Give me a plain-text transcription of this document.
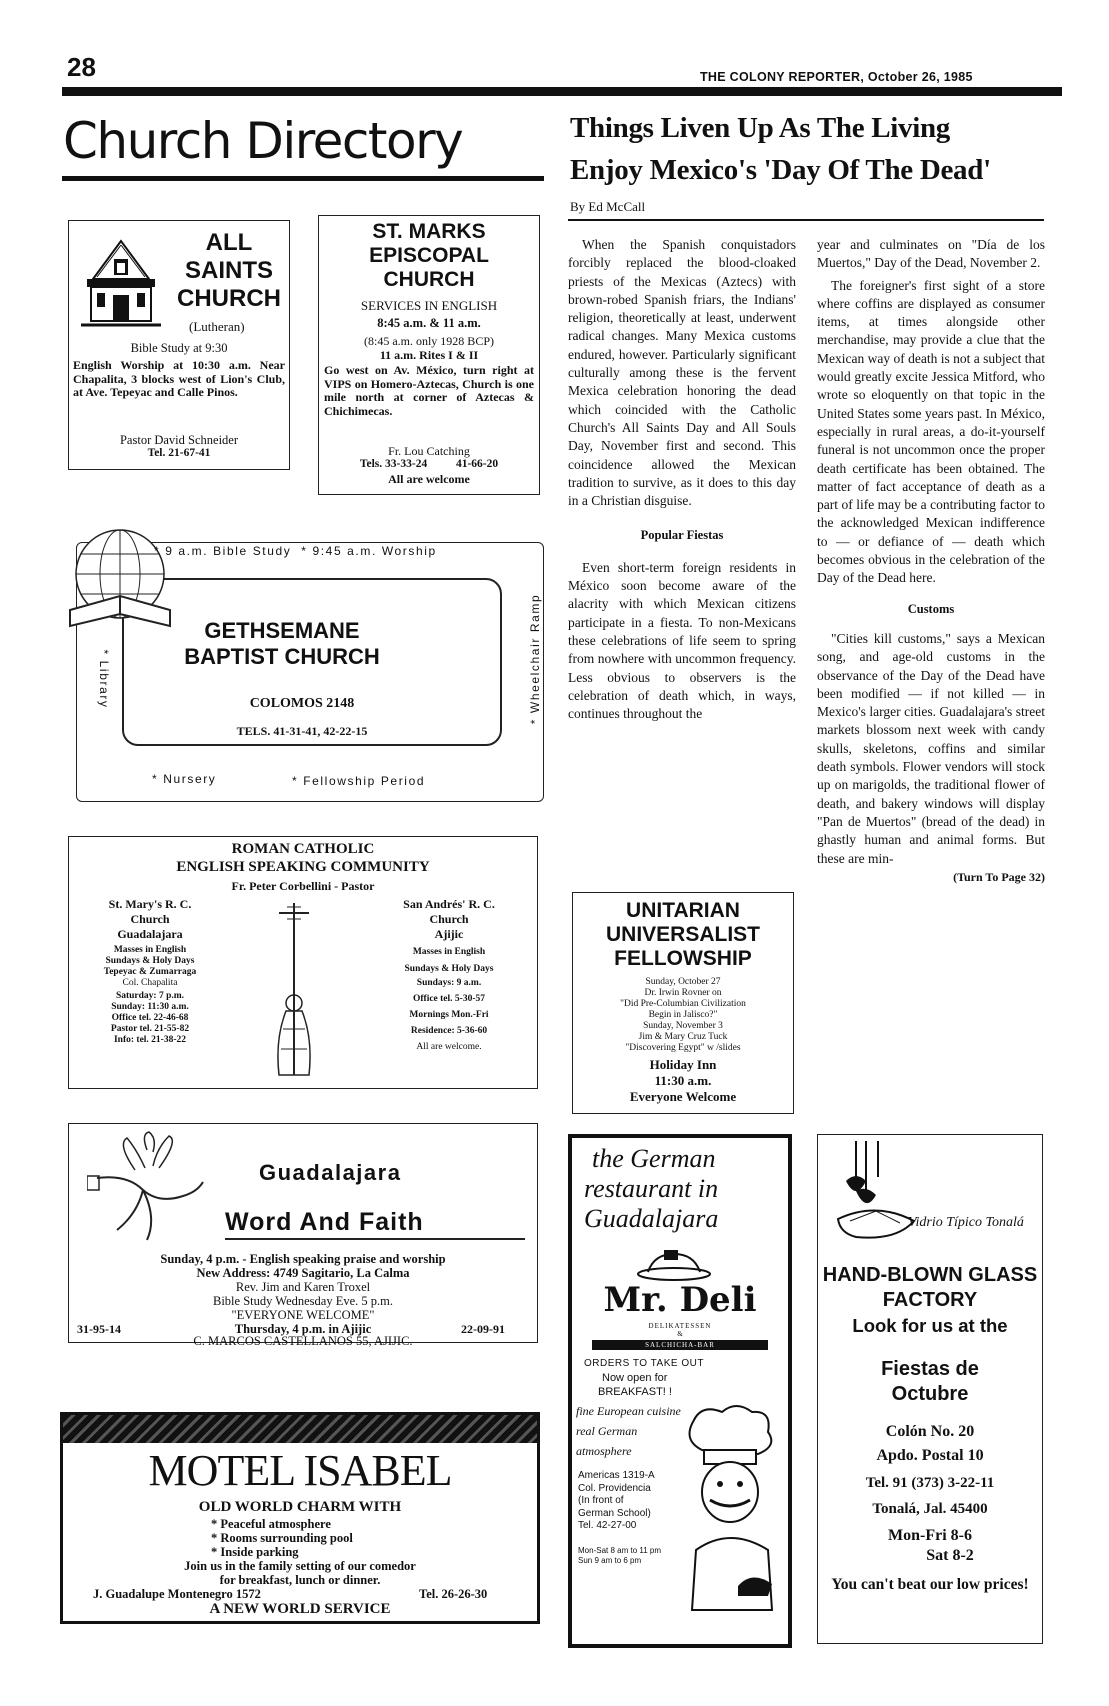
28	THE COLONY REPORTER, October 26, 1985
Church Directory
ALL
SAINTS
CHURCH
(Lutheran)
Bible Study at 9:30
English Worship at 10:30 a.m. Near Chapalita, 3 blocks west of Lion's Club, at Ave. Tepeyac and Calle Pinos.
Pastor David Schneider
Tel. 21-67-41
ST. MARKS
EPISCOPAL
CHURCH
SERVICES IN ENGLISH
8:45 a.m. & 11 a.m.
(8:45 a.m. only 1928 BCP)
11 a.m. Rites I & II
Go west on Av. México, turn right at VIPS on Homero-Aztecas, Church is one mile north at corner of Aztecas & Chichimecas.
Fr. Lou Catching
Tels. 33-33-24          41-66-20
All are welcome
* 9 a.m. Bible Study  * 9:45 a.m. Worship
GETHSEMANE
BAPTIST CHURCH
COLOMOS 2148
TELS. 41-31-41, 42-22-15
* Library	* Wheelchair Ramp
* Nursery	* Fellowship Period
ROMAN CATHOLIC
ENGLISH SPEAKING COMMUNITY
Fr. Peter Corbellini - Pastor
St. Mary's R. C.
Church
Guadalajara
Masses in English
Sundays & Holy Days
Tepeyac & Zumarraga
Col. Chapalita
Saturday: 7 p.m.
Sunday: 11:30 a.m.
Office tel. 22-46-68
Pastor tel. 21-55-82
Info: tel. 21-38-22
San Andrés' R. C.
Church
Ajijic
Masses in English
Sundays & Holy Days
Sundays: 9 a.m.
Office tel. 5-30-57
Mornings Mon.-Fri
Residence: 5-36-60
All are welcome.
Guadalajara
Word And Faith
Sunday, 4 p.m. - English speaking praise and worship
New Address: 4749 Sagitario, La Calma
Rev. Jim and Karen Troxel
Bible Study Wednesday Eve. 5 p.m.
"EVERYONE WELCOME"
31-95-14	Thursday, 4 p.m. in Ajijic	22-09-91
C. MARCOS CASTELLANOS 55, AJIJIC.
MOTEL ISABEL
OLD WORLD CHARM WITH
* Peaceful atmosphere
* Rooms surrounding pool
* Inside parking
Join us in the family setting of our comedor
for breakfast, lunch or dinner.
J. Guadalupe Montenegro 1572	Tel. 26-26-30
A NEW WORLD SERVICE
Things Liven Up As The Living
Enjoy Mexico's 'Day Of The Dead'
By Ed McCall

When the Spanish conquistadors forcibly replaced the blood-cloaked priests of the Mexicas (Aztecs) with brown-robed Spanish friars, the Indians' religion, theoretically at least, underwent radical changes. Many Mexica customs endured, however. Particularly significant culturally among these is the fervent Mexica celebration honoring the dead which coincided with the Catholic Church's All Saints Day and All Souls Day, November first and second. This coincidence allowed the Mexican tradition to survive, as it does to this day in a Christian disguise.

Popular Fiestas

Even short-term foreign residents in México soon become aware of the alacrity with which Mexican citizens participate in a fiesta. To non-Mexicans these celebrations of life seem to spring from nowhere with uncommon frequency. Less obvious to observers is the celebration of death which, in ways, continues throughout the

year and culminates on "Día de los Muertos," Day of the Dead, November 2.

The foreigner's first sight of a store where coffins are displayed as consumer items, at times alongside other merchandise, may provide a clue that the Mexican way of death is not a subject that would greatly excite Jessica Mitford, who wrote so eloquently on that topic in the United States some years past. In México, especially in rural areas, a do-it-yourself funeral is not uncommon once the proper death certificate has been obtained. The matter of fact acceptance of death as a part of life may be a contributing factor to the acknowledged Mexican indifference to — or defiance of — death which becomes obvious in the celebration of the Day of the Dead here.

Customs

"Cities kill customs," says a Mexican song, and age-old customs in the observance of the Day of the Dead have been modified — if not killed — in Mexico's larger cities. Guadalajara's street markets blossom next week with candy skulls, skeletons, coffins and similar death symbols. Flower vendors will stock up on marigolds, the traditional flower of death, and bakery windows will display "Pan de Muertos" (bread of the dead) in ghastly human and animal forms. But these are min-

(Turn To Page 32)
UNITARIAN
UNIVERSALIST
FELLOWSHIP
Sunday, October 27
Dr. Irwin Rovner on
"Did Pre-Columbian Civilization
Begin in Jalisco?"
Sunday, November 3
Jim & Mary Cruz Tuck
"Discovering Egypt" w /slides
Holiday Inn
11:30 a.m.
Everyone Welcome
the German
restaurant in
Guadalajara
Mr. Deli
DELIKATESSEN
&
SALCHICHA-BAR
ORDERS TO TAKE OUT
Now open for
BREAKFAST! !
fine European cuisine
real German
atmosphere
Americas 1319-A
Col. Providencia
(In front of
German School)
Tel. 42-27-00
Mon-Sat 8 am to 11 pm
Sun 9 am to 6 pm
Vidrio Típico Tonalá
HAND-BLOWN GLASS FACTORY
Look for us at the
Fiestas de Octubre
Colón No. 20
Apdo. Postal 10
Tel. 91 (373) 3-22-11
Tonalá, Jal. 45400
Mon-Fri 8-6
Sat 8-2
You can't beat our low prices!
